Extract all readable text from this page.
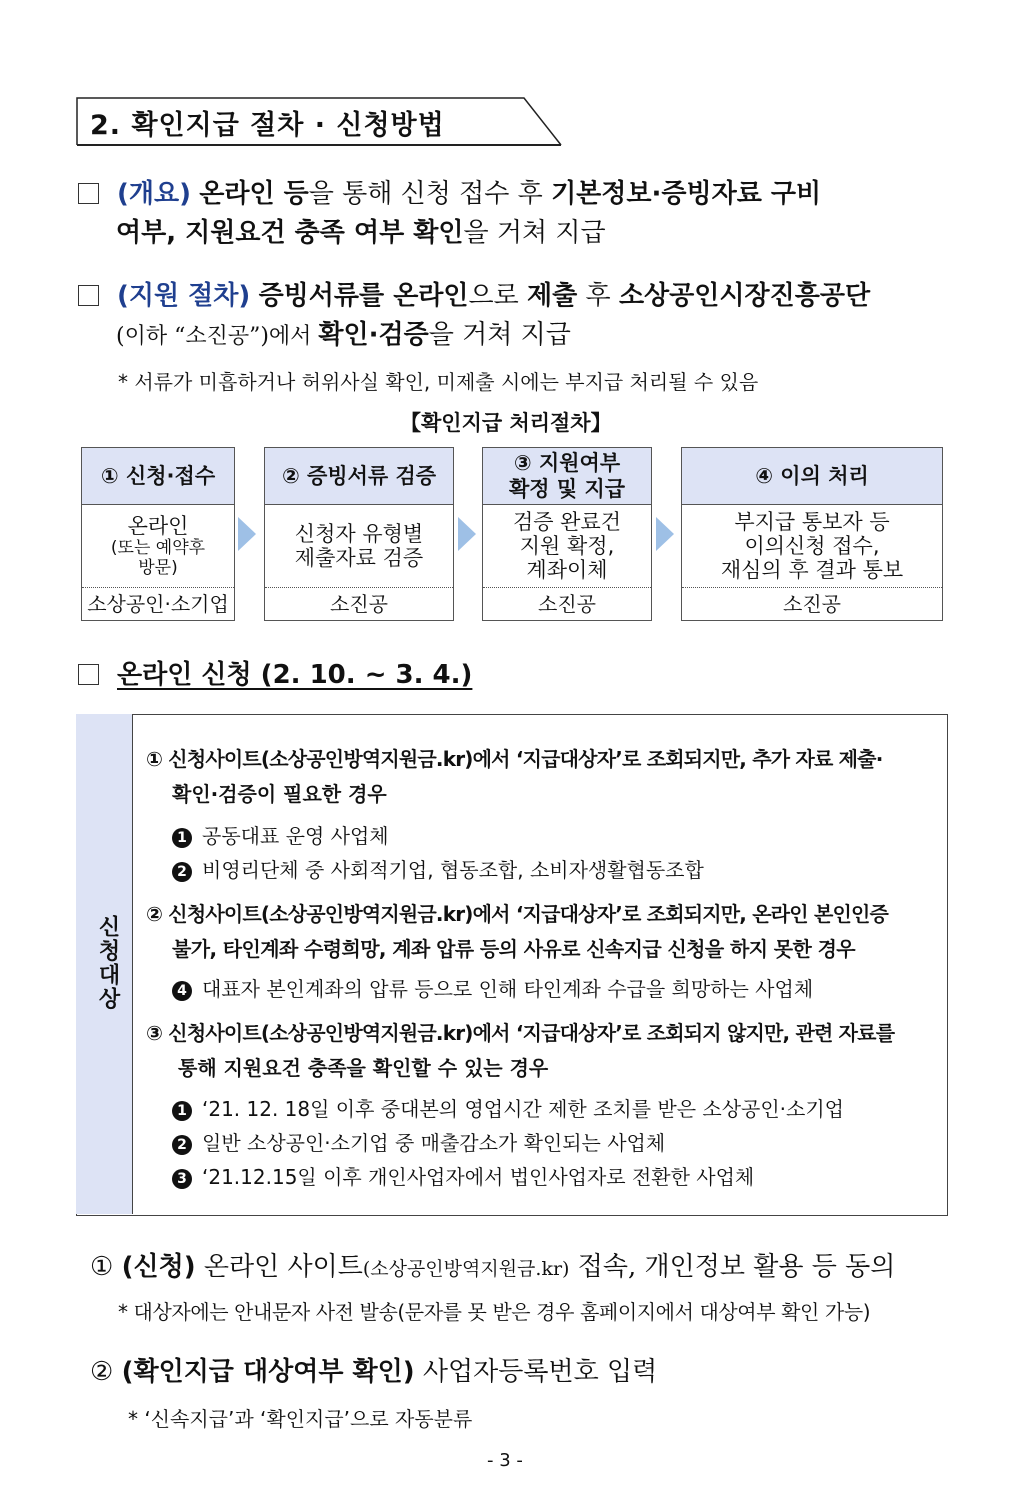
2. 확인지급 절차 · 신청방법
(개요) 온라인 등을 통해 신청 접수 후 기본정보·증빙자료 구비
여부, 지원요건 충족 여부 확인을 거쳐 지급
(지원 절차) 증빙서류를 온라인으로 제출 후 소상공인시장진흥공단
(이하 “소진공”)에서 확인·검증을 거쳐 지급
* 서류가 미흡하거나 허위사실 확인, 미제출 시에는 부지급 처리될 수 있음
【확인지급 처리절차】
① 신청·접수
온라인
(또는 예약후
방문)
소상공인·소기업
② 증빙서류 검증
신청자 유형별
제출자료 검증
소진공
③ 지원여부
확정 및 지급
검증 완료건
지원 확정,
계좌이체
소진공
④ 이의 처리
부지급 통보자 등
이의신청 접수,
재심의 후 결과 통보
소진공
온라인 신청 (2. 10. ~ 3. 4.)
신청대상
① 신청사이트(소상공인방역지원금.kr)에서 ‘지급대상자’로 조회되지만, 추가 자료 제출·
확인·검증이 필요한 경우
1 공동대표 운영 사업체
2 비영리단체 중 사회적기업, 협동조합, 소비자생활협동조합
② 신청사이트(소상공인방역지원금.kr)에서 ‘지급대상자’로 조회되지만, 온라인 본인인증
불가, 타인계좌 수령희망, 계좌 압류 등의 사유로 신속지급 신청을 하지 못한 경우
4 대표자 본인계좌의 압류 등으로 인해 타인계좌 수급을 희망하는 사업체
③ 신청사이트(소상공인방역지원금.kr)에서 ‘지급대상자’로 조회되지 않지만, 관련 자료를
통해 지원요건 충족을 확인할 수 있는 경우
1 ‘21. 12. 18일 이후 중대본의 영업시간 제한 조치를 받은 소상공인·소기업
2 일반 소상공인·소기업 중 매출감소가 확인되는 사업체
3 ‘21.12.15일 이후 개인사업자에서 법인사업자로 전환한 사업체
① (신청) 온라인 사이트(소상공인방역지원금.kr) 접속, 개인정보 활용 등 동의
* 대상자에는 안내문자 사전 발송(문자를 못 받은 경우 홈페이지에서 대상여부 확인 가능)
② (확인지급 대상여부 확인) 사업자등록번호 입력
* ‘신속지급’과 ‘확인지급’으로 자동분류
- 3 -
